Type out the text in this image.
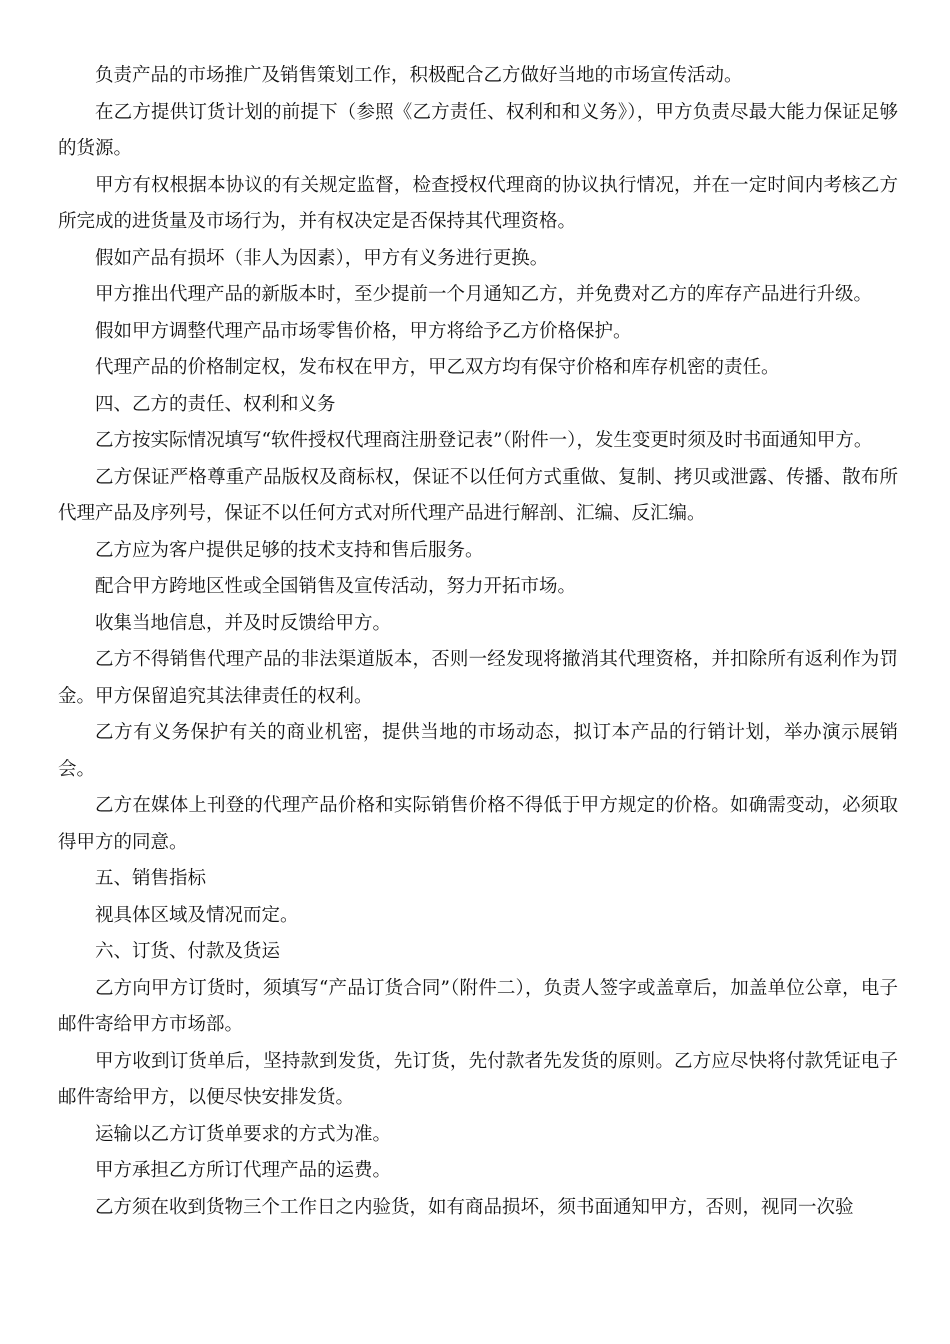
负责产品的市场推广及销售策划工作，积极配合乙方做好当地的市场宣传活动。

在乙方提供订货计划的前提下（参照《乙方责任、权利和和义务》），甲方负责尽最大能力保证足够的货源。

甲方有权根据本协议的有关规定监督，检查授权代理商的协议执行情况，并在一定时间内考核乙方所完成的进货量及市场行为，并有权决定是否保持其代理资格。

假如产品有损坏（非人为因素），甲方有义务进行更换。

甲方推出代理产品的新版本时，至少提前一个月通知乙方，并免费对乙方的库存产品进行升级。

假如甲方调整代理产品市场零售价格，甲方将给予乙方价格保护。

代理产品的价格制定权，发布权在甲方，甲乙双方均有保守价格和库存机密的责任。

四、乙方的责任、权利和义务

乙方按实际情况填写“软件授权代理商注册登记表”（附件一），发生变更时须及时书面通知甲方。

乙方保证严格尊重产品版权及商标权，保证不以任何方式重做、复制、拷贝或泄露、传播、散布所代理产品及序列号，保证不以任何方式对所代理产品进行解剖、汇编、反汇编。

乙方应为客户提供足够的技术支持和售后服务。

配合甲方跨地区性或全国销售及宣传活动，努力开拓市场。

收集当地信息，并及时反馈给甲方。

乙方不得销售代理产品的非法渠道版本，否则一经发现将撤消其代理资格，并扣除所有返利作为罚金。甲方保留追究其法律责任的权利。

乙方有义务保护有关的商业机密，提供当地的市场动态，拟订本产品的行销计划，举办演示展销会。

乙方在媒体上刊登的代理产品价格和实际销售价格不得低于甲方规定的价格。如确需变动，必须取得甲方的同意。

五、销售指标

视具体区域及情况而定。

六、订货、付款及货运

乙方向甲方订货时，须填写“产品订货合同”（附件二），负责人签字或盖章后，加盖单位公章，电子邮件寄给甲方市场部。

甲方收到订货单后，坚持款到发货，先订货，先付款者先发货的原则。乙方应尽快将付款凭证电子邮件寄给甲方，以便尽快安排发货。

运输以乙方订货单要求的方式为准。

甲方承担乙方所订代理产品的运费。

乙方须在收到货物三个工作日之内验货，如有商品损坏，须书面通知甲方，否则，视同一次验
